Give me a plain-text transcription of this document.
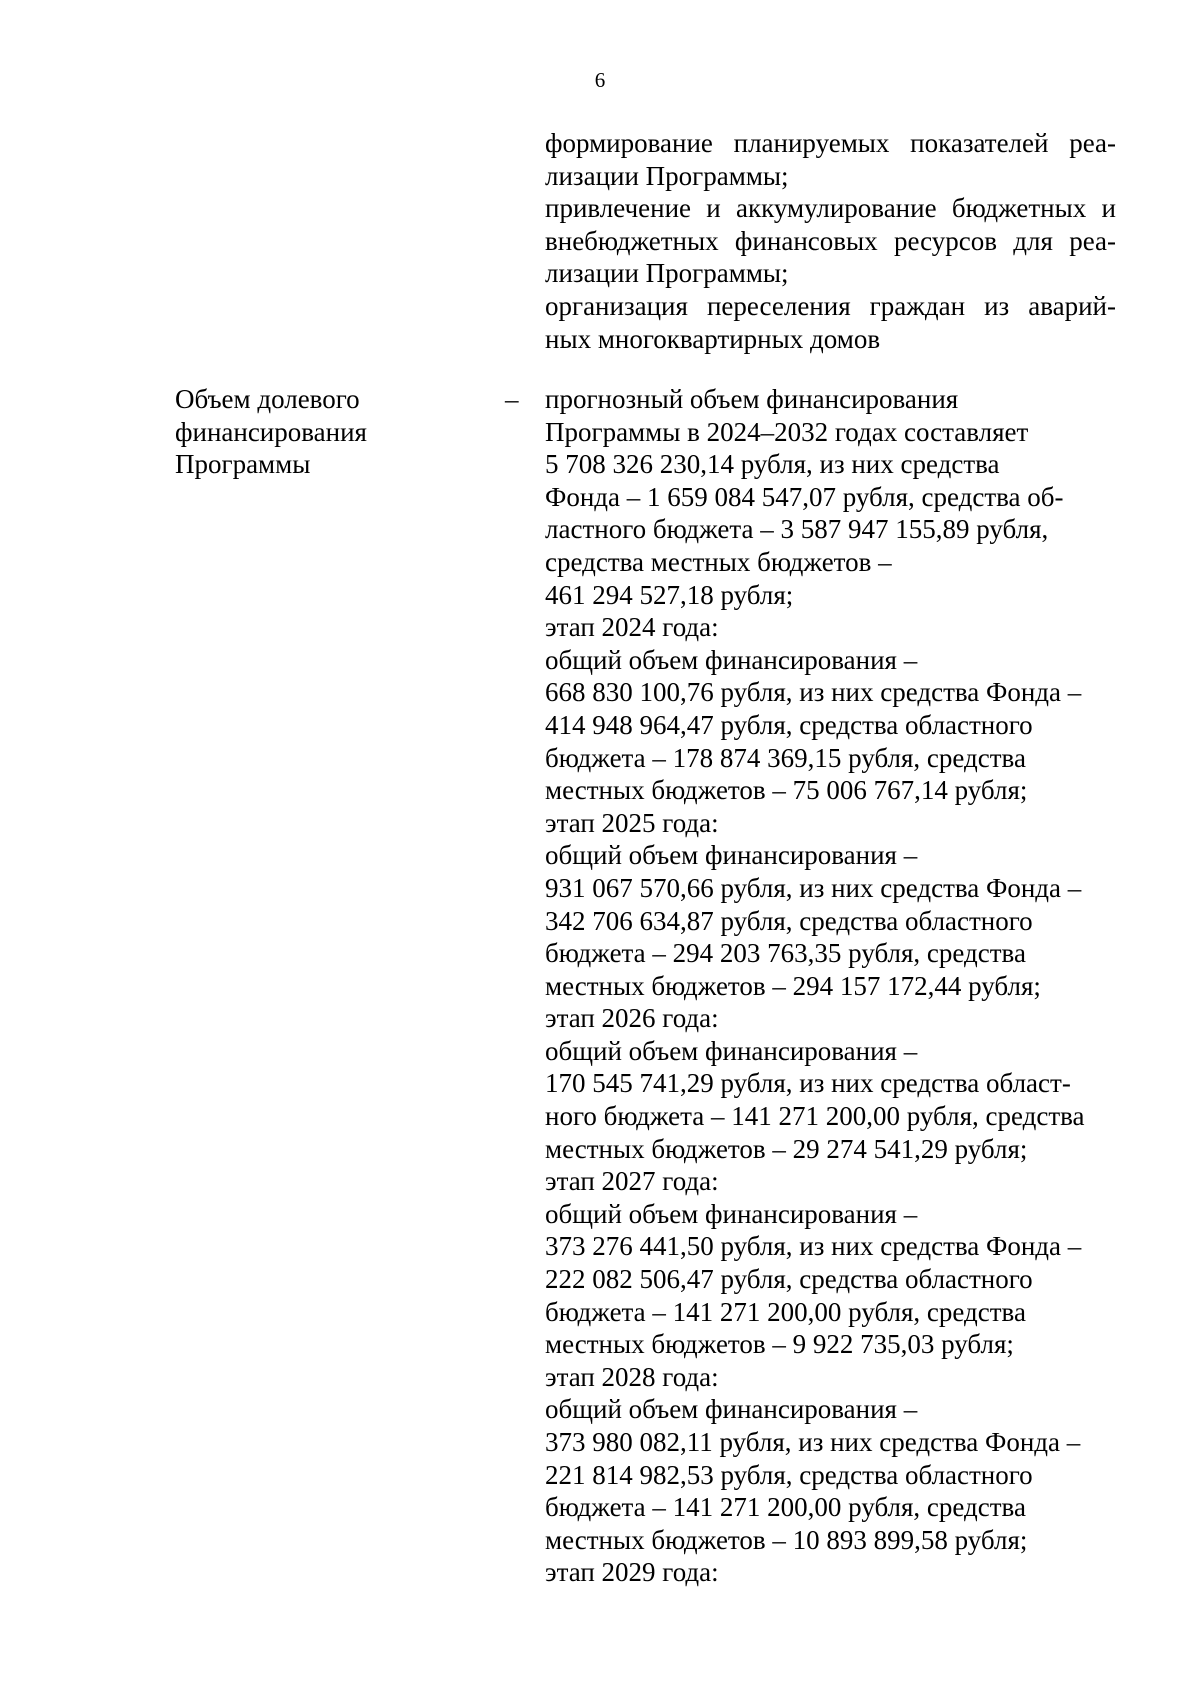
6
формирование планируемых показателей реа-
лизации Программы;
привлечение и аккумулирование бюджетных и
внебюджетных финансовых ресурсов для реа-
лизации Программы;
организация переселения граждан из аварий-
ных многоквартирных домов
Объем долевого
финансирования
Программы
– прогнозный объем финансирования
Программы в 2024–2032 годах составляет
5 708 326 230,14 рубля, из них средства
Фонда – 1 659 084 547,07 рубля, средства об-
ластного бюджета – 3 587 947 155,89 рубля,
средства местных бюджетов –
461 294 527,18 рубля;
этап 2024 года:
общий объем финансирования –
668 830 100,76 рубля, из них средства Фонда –
414 948 964,47 рубля, средства областного
бюджета – 178 874 369,15 рубля, средства
местных бюджетов – 75 006 767,14 рубля;
этап 2025 года:
общий объем финансирования –
931 067 570,66 рубля, из них средства Фонда –
342 706 634,87 рубля, средства областного
бюджета – 294 203 763,35 рубля, средства
местных бюджетов – 294 157 172,44 рубля;
этап 2026 года:
общий объем финансирования –
170 545 741,29 рубля, из них средства област-
ного бюджета – 141 271 200,00 рубля, средства
местных бюджетов – 29 274 541,29 рубля;
этап 2027 года:
общий объем финансирования –
373 276 441,50 рубля, из них средства Фонда –
222 082 506,47 рубля, средства областного
бюджета – 141 271 200,00 рубля, средства
местных бюджетов – 9 922 735,03 рубля;
этап 2028 года:
общий объем финансирования –
373 980 082,11 рубля, из них средства Фонда –
221 814 982,53 рубля, средства областного
бюджета – 141 271 200,00 рубля, средства
местных бюджетов – 10 893 899,58 рубля;
этап 2029 года:
